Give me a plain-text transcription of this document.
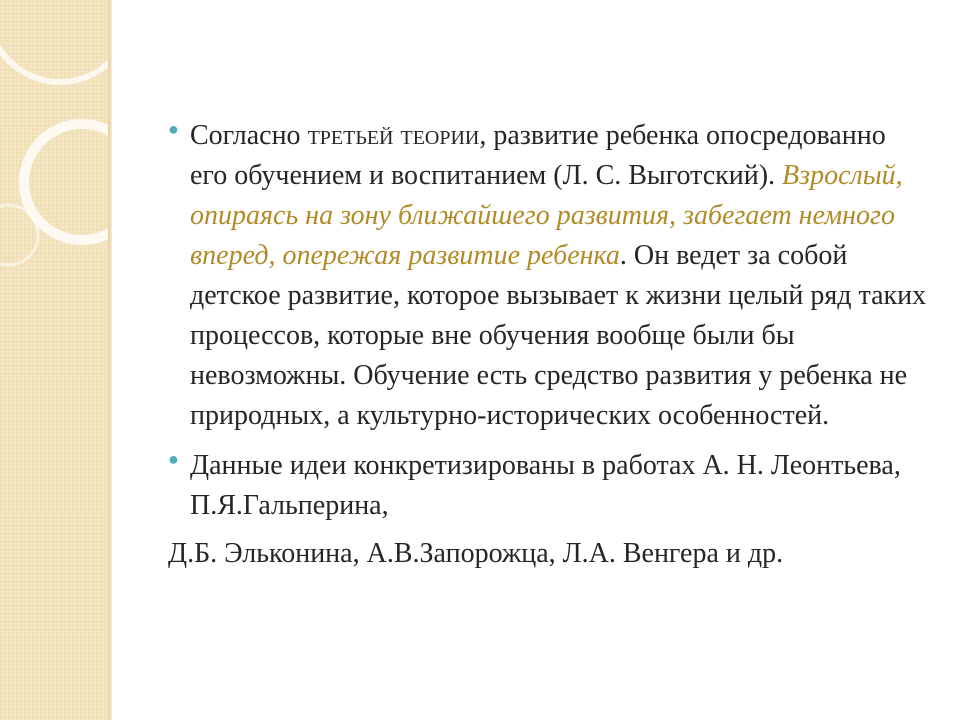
● Согласно третьей теории, развитие ребенка опосредованно его обучением и воспитанием (Л. С. Выготский). Взрослый, опираясь на зону ближайшего развития, забегает немного вперед, опережая развитие ребенка. Он ведет за собой детское развитие, которое вызывает к жизни целый ряд таких процессов, которые вне обучения вообще были бы невозможны. Обучение есть средство развития у ребенка не природных, а культурно-исторических особенностей.

● Данные идеи конкретизированы в работах А. Н. Леонтьева, П.Я.Гальперина,

Д.Б. Эльконина, А.В.Запорожца, Л.А. Венгера и др.
